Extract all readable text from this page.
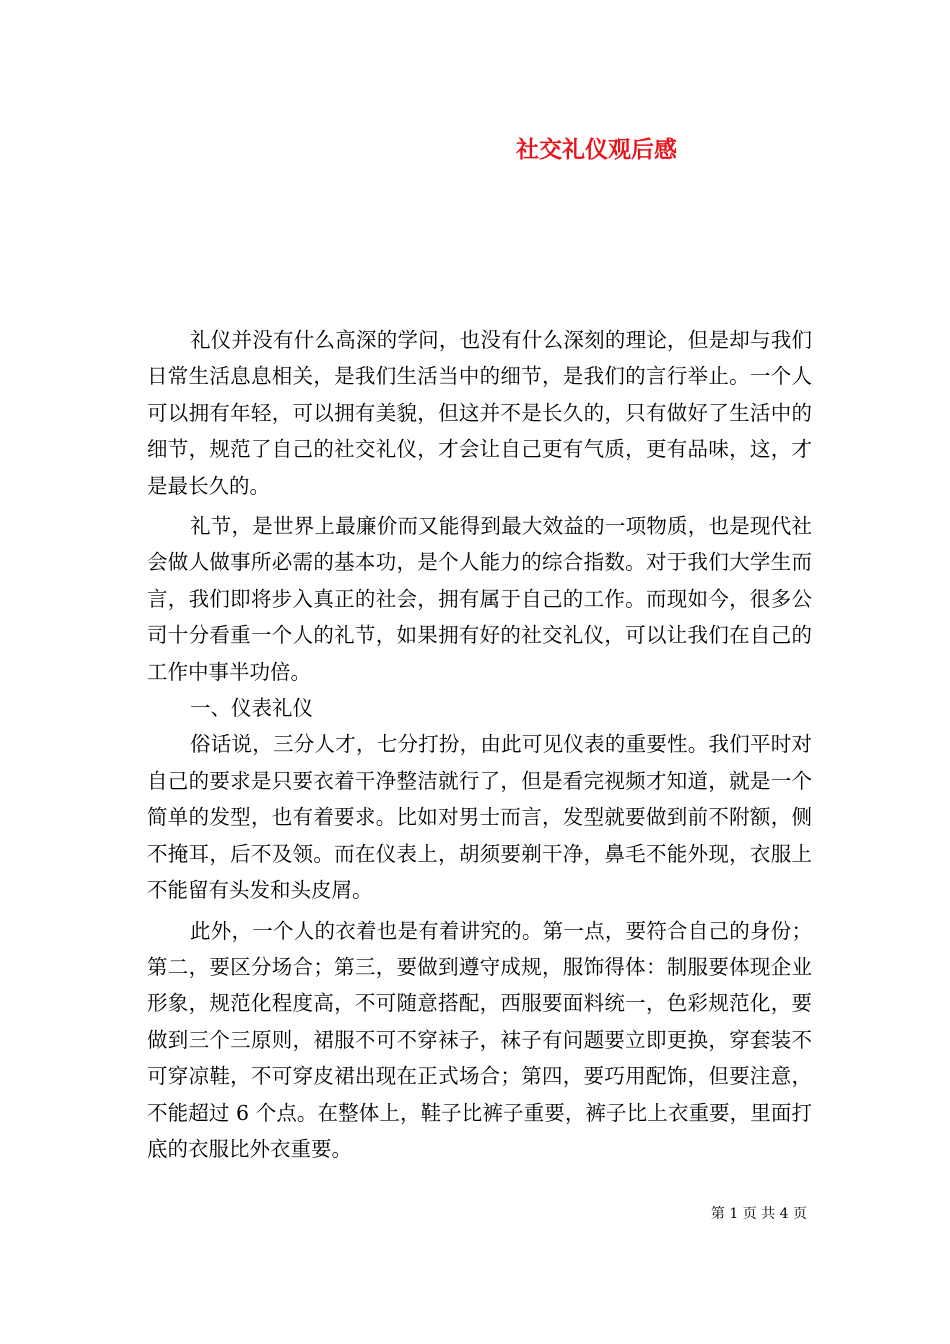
社交礼仪观后感

礼仪并没有什么高深的学问，也没有什么深刻的理论，但是却与我们日常生活息息相关，是我们生活当中的细节，是我们的言行举止。一个人可以拥有年轻，可以拥有美貌，但这并不是长久的，只有做好了生活中的细节，规范了自己的社交礼仪，才会让自己更有气质，更有品味，这，才是最长久的。

礼节，是世界上最廉价而又能得到最大效益的一项物质，也是现代社会做人做事所必需的基本功，是个人能力的综合指数。对于我们大学生而言，我们即将步入真正的社会，拥有属于自己的工作。而现如今，很多公司十分看重一个人的礼节，如果拥有好的社交礼仪，可以让我们在自己的工作中事半功倍。

一、仪表礼仪

俗话说，三分人才，七分打扮，由此可见仪表的重要性。我们平时对自己的要求是只要衣着干净整洁就行了，但是看完视频才知道，就是一个简单的发型，也有着要求。比如对男士而言，发型就要做到前不附额，侧不掩耳，后不及领。而在仪表上，胡须要剃干净，鼻毛不能外现，衣服上不能留有头发和头皮屑。

此外，一个人的衣着也是有着讲究的。第一点，要符合自己的身份；第二，要区分场合；第三，要做到遵守成规，服饰得体：制服要体现企业形象，规范化程度高，不可随意搭配，西服要面料统一，色彩规范化，要做到三个三原则，裙服不可不穿袜子，袜子有问题要立即更换，穿套装不可穿凉鞋，不可穿皮裙出现在正式场合；第四，要巧用配饰，但要注意，不能超过 6 个点。在整体上，鞋子比裤子重要，裤子比上衣重要，里面打底的衣服比外衣重要。

第 1 页 共 4 页
